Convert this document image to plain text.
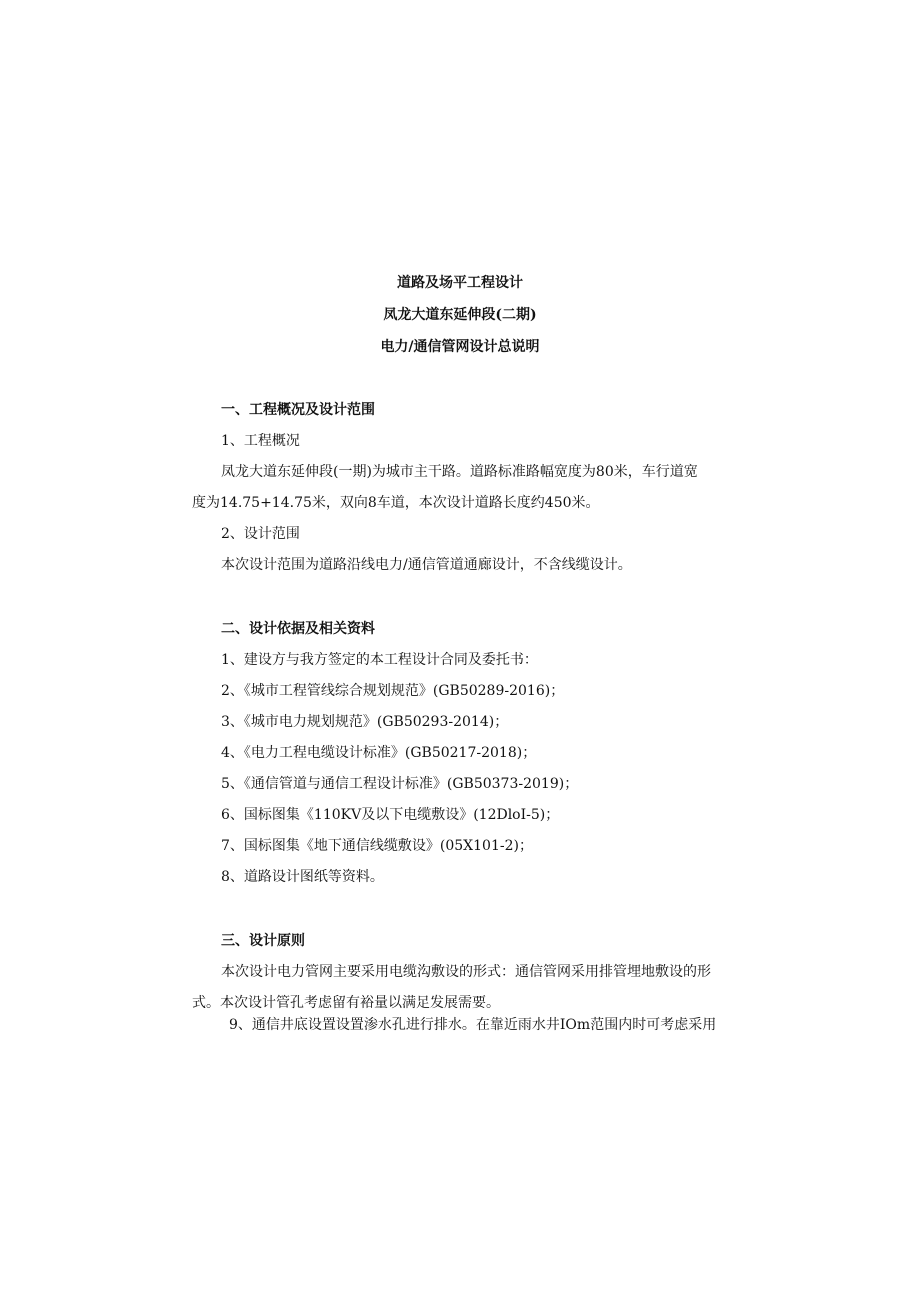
道路及场平工程设计
凤龙大道东延伸段(二期)
电力/通信管网设计总说明
一、工程概况及设计范围
1、工程概况
凤龙大道东延伸段(一期)为城市主干路。道路标准路幅宽度为80米，车行道宽
度为14.75+14.75米，双向8车道，本次设计道路长度约450米。
2、设计范围
本次设计范围为道路沿线电力/通信管道通廊设计，不含线缆设计。
二、设计依据及相关资料
1、建设方与我方签定的本工程设计合同及委托书：
2、《城市工程管线综合规划规范》(GB50289-2016)；
3、《城市电力规划规范》(GB50293-2014)；
4、《电力工程电缆设计标准》(GB50217-2018)；
5、《通信管道与通信工程设计标准》(GB50373-2019)；
6、国标图集《110KV及以下电缆敷设》(12DloI-5)；
7、国标图集《地下通信线缆敷设》(05X101-2)；
8、道路设计图纸等资料。
三、设计原则
本次设计电力管网主要采用电缆沟敷设的形式：通信管网采用排管埋地敷设的形
式。本次设计管孔考虑留有裕量以满足发展需要。
9、通信井底设置设置渗水孔进行排水。在靠近雨水井IOm范围内时可考虑采用
